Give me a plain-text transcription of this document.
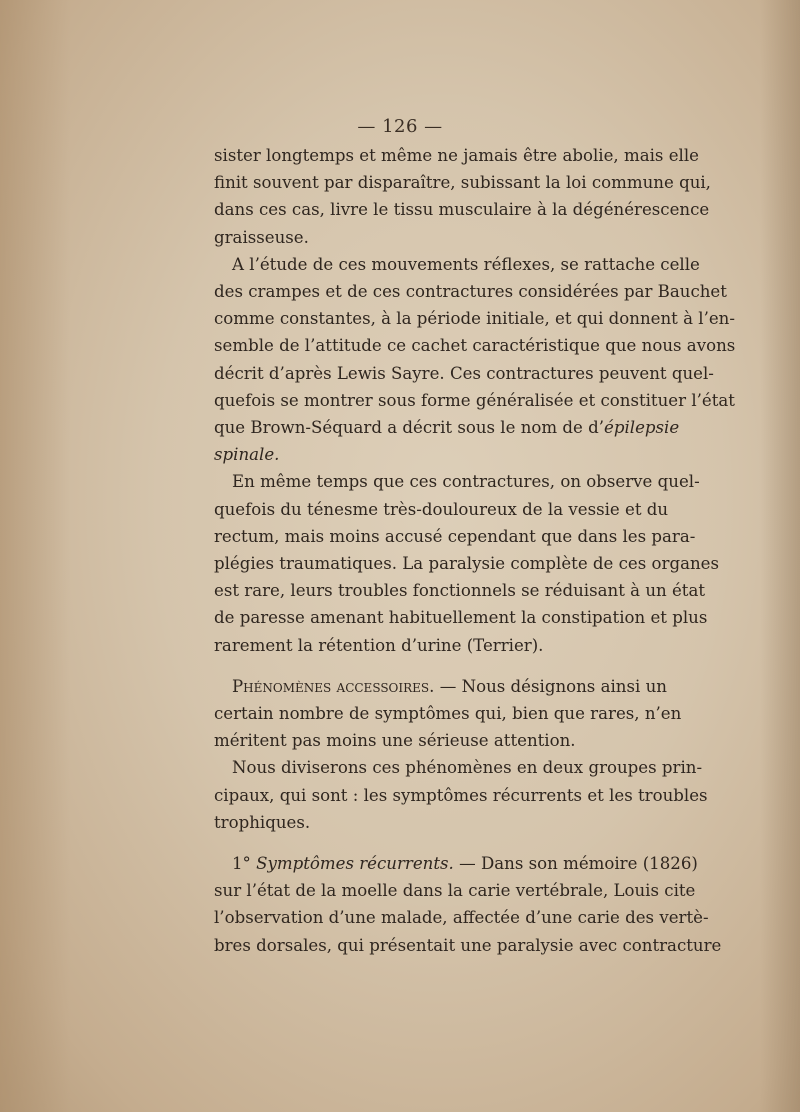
— 126 —
sister longtemps et même ne jamais être abolie, mais elle
finit souvent par disparaître, subissant la loi commune qui,
dans ces cas, livre le tissu musculaire à la dégénérescence
graisseuse.
A l’étude de ces mouvements réflexes, se rattache celle
des crampes et de ces contractures considérées par Bauchet
comme constantes, à la période initiale, et qui donnent à l’en-
semble de l’attitude ce cachet caractéristique que nous avons
décrit d’après Lewis Sayre. Ces contractures peuvent quel-
quefois se montrer sous forme généralisée et constituer l’état
que Brown-Séquard a décrit sous le nom de d’épilepsie
spinale.
En même temps que ces contractures, on observe quel-
quefois du ténesme très-douloureux de la vessie et du
rectum, mais moins accusé cependant que dans les para-
plégies traumatiques. La paralysie complète de ces organes
est rare, leurs troubles fonctionnels se réduisant à un état
de paresse amenant habituellement la constipation et plus
rarement la rétention d’urine (Terrier).
Phénomènes accessoires. — Nous désignons ainsi un
certain nombre de symptômes qui, bien que rares, n’en
méritent pas moins une sérieuse attention.
Nous diviserons ces phénomènes en deux groupes prin-
cipaux, qui sont : les symptômes récurrents et les troubles
trophiques.
1° Symptômes récurrents. — Dans son mémoire (1826)
sur l’état de la moelle dans la carie vertébrale, Louis cite
l’observation d’une malade, affectée d’une carie des vertè-
bres dorsales, qui présentait une paralysie avec contracture
